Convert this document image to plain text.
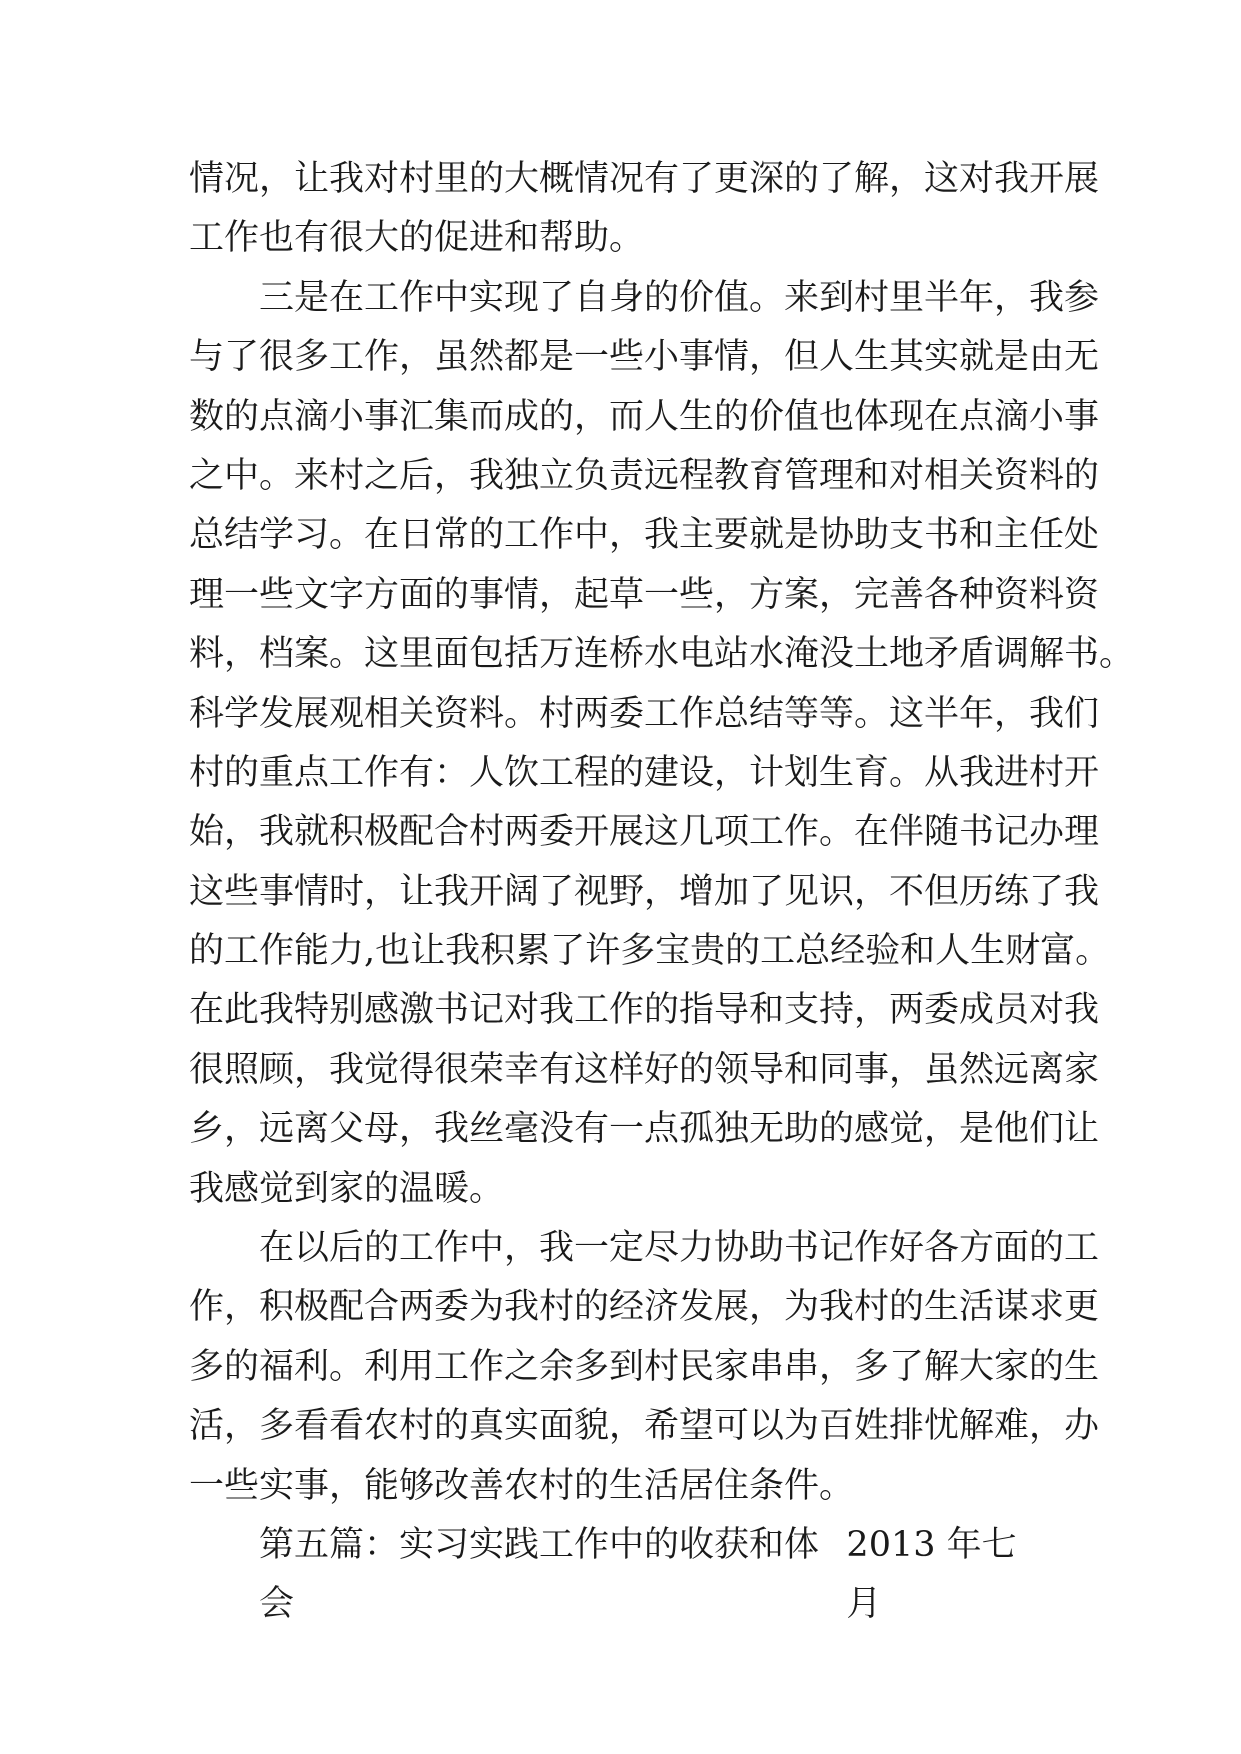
情况，让我对村里的大概情况有了更深的了解，这对我开展
工作也有很大的促进和帮助。
三是在工作中实现了自身的价值。来到村里半年，我参
与了很多工作，虽然都是一些小事情，但人生其实就是由无
数的点滴小事汇集而成的，而人生的价值也体现在点滴小事
之中。来村之后，我独立负责远程教育管理和对相关资料的
总结学习。在日常的工作中，我主要就是协助支书和主任处
理一些文字方面的事情，起草一些，方案，完善各种资料资
料，档案。这里面包括万连桥水电站水淹没土地矛盾调解书。
科学发展观相关资料。村两委工作总结等等。这半年，我们
村的重点工作有：人饮工程的建设，计划生育。从我进村开
始，我就积极配合村两委开展这几项工作。在伴随书记办理
这些事情时，让我开阔了视野，增加了见识，不但历练了我
的工作能力,也让我积累了许多宝贵的工总经验和人生财富。
在此我特别感激书记对我工作的指导和支持，两委成员对我
很照顾，我觉得很荣幸有这样好的领导和同事，虽然远离家
乡，远离父母，我丝毫没有一点孤独无助的感觉，是他们让
我感觉到家的温暖。
在以后的工作中，我一定尽力协助书记作好各方面的工
作，积极配合两委为我村的经济发展，为我村的生活谋求更
多的福利。利用工作之余多到村民家串串，多了解大家的生
活，多看看农村的真实面貌，希望可以为百姓排忧解难，办
一些实事，能够改善农村的生活居住条件。
第五篇：实习实践工作中的收获和体会
2013 年七月
